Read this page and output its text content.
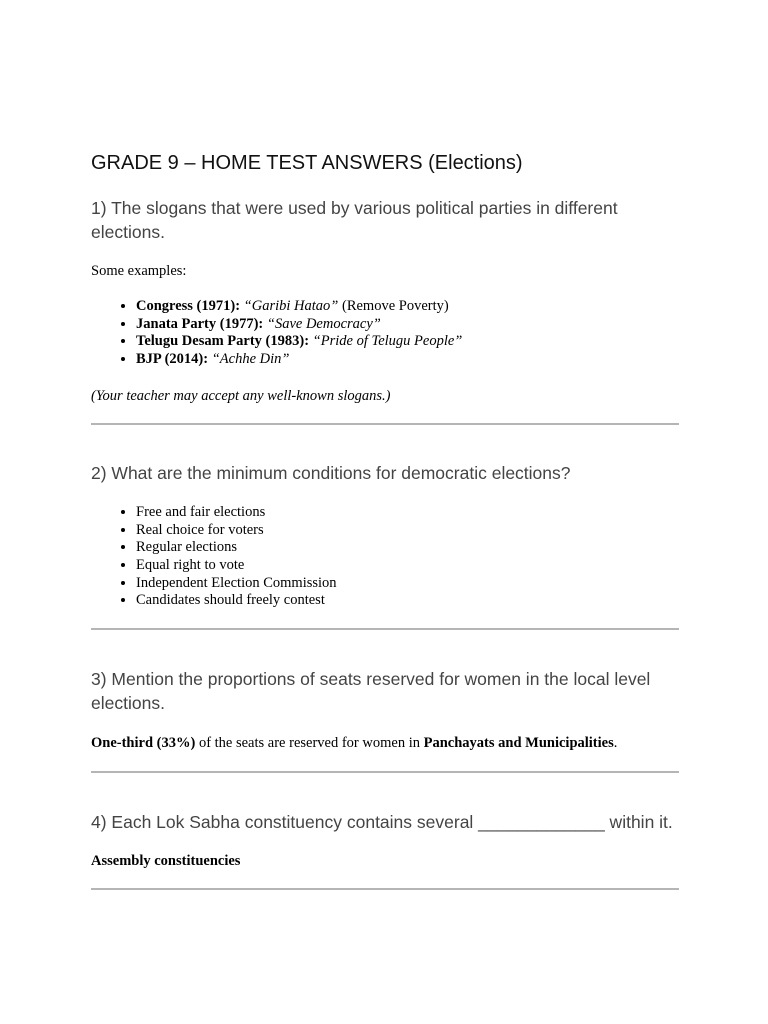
GRADE 9 – HOME TEST ANSWERS (Elections)

1) The slogans that were used by various political parties in different elections.

Some examples:

• Congress (1971): “Garibi Hatao” (Remove Poverty)
• Janata Party (1977): “Save Democracy”
• Telugu Desam Party (1983): “Pride of Telugu People”
• BJP (2014): “Achhe Din”

(Your teacher may accept any well-known slogans.)

2) What are the minimum conditions for democratic elections?

• Free and fair elections
• Real choice for voters
• Regular elections
• Equal right to vote
• Independent Election Commission
• Candidates should freely contest

3) Mention the proportions of seats reserved for women in the local level elections.

One-third (33%) of the seats are reserved for women in Panchayats and Municipalities.

4) Each Lok Sabha constituency contains several _____________ within it.

Assembly constituencies
